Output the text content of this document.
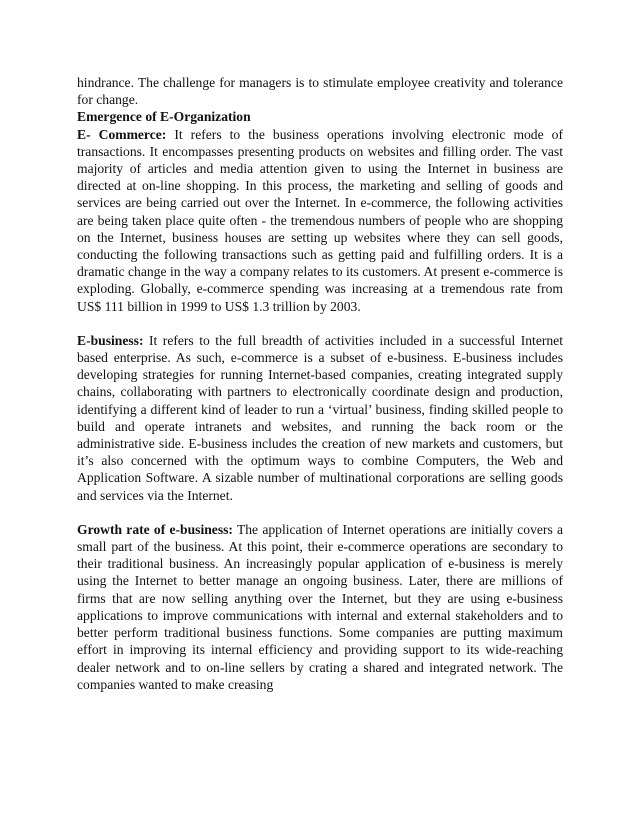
hindrance. The challenge for managers is to stimulate employee creativity and tolerance for change.

Emergence of E-Organization

E- Commerce: It refers to the business operations involving electronic mode of transactions. It encompasses presenting products on websites and filling order. The vast majority of articles and media attention given to using the Internet in business are directed at on-line shopping. In this process, the marketing and selling of goods and services are being carried out over the Internet. In e-commerce, the following activities are being taken place quite often - the tremendous numbers of people who are shopping on the Internet, business houses are setting up websites where they can sell goods, conducting the following transactions such as getting paid and fulfilling orders. It is a dramatic change in the way a company relates to its customers. At present e-commerce is exploding. Globally, e-commerce spending was increasing at a tremendous rate from US$ 111 billion in 1999 to US$ 1.3 trillion by 2003.

E-business: It refers to the full breadth of activities included in a successful Internet based enterprise. As such, e-commerce is a subset of e-business. E-business includes developing strategies for running Internet-based companies, creating integrated supply chains, collaborating with partners to electronically coordinate design and production, identifying a different kind of leader to run a ‘virtual’ business, finding skilled people to build and operate intranets and websites, and running the back room or the administrative side. E-business includes the creation of new markets and customers, but it’s also concerned with the optimum ways to combine Computers, the Web and Application Software. A sizable number of multinational corporations are selling goods and services via the Internet.

Growth rate of e-business: The application of Internet operations are initially covers a small part of the business. At this point, their e-commerce operations are secondary to their traditional business. An increasingly popular application of e-business is merely using the Internet to better manage an ongoing business. Later, there are millions of firms that are now selling anything over the Internet, but they are using e-business applications to improve communications with internal and external stakeholders and to better perform traditional business functions. Some companies are putting maximum effort in improving its internal efficiency and providing support to its wide-reaching dealer network and to on-line sellers by crating a shared and integrated network. The companies wanted to make creasing
